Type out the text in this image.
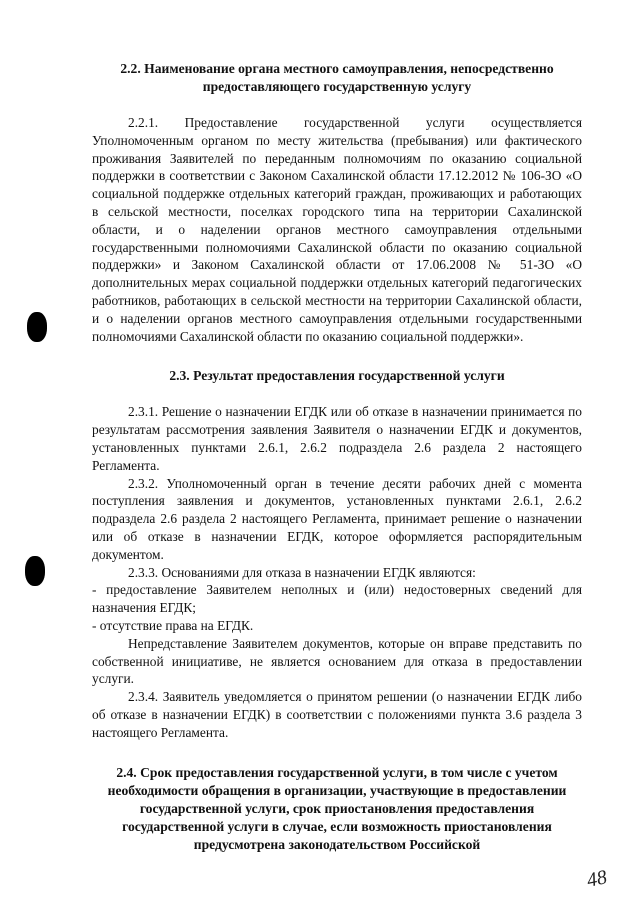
2.2. Наименование органа местного самоуправления, непосредственно предоставляющего государственную услугу

2.2.1. Предоставление государственной услуги осуществляется Уполномоченным органом по месту жительства (пребывания) или фактического проживания Заявителей по переданным полномочиям по оказанию социальной поддержки в соответствии с Законом Сахалинской области 17.12.2012 № 106-ЗО «О социальной поддержке отдельных категорий граждан, проживающих и работающих в сельской местности, поселках городского типа на территории Сахалинской области, и о наделении органов местного самоуправления отдельными государственными полномочиями Сахалинской области по оказанию социальной поддержки» и Законом Сахалинской области от 17.06.2008 № 51-ЗО «О дополнительных мерах социальной поддержки отдельных категорий педагогических работников, работающих в сельской местности на территории Сахалинской области, и о наделении органов местного самоуправления отдельными государственными полномочиями Сахалинской области по оказанию социальной поддержки».

2.3. Результат предоставления государственной услуги

2.3.1. Решение о назначении ЕГДК или об отказе в назначении принимается по результатам рассмотрения заявления Заявителя о назначении ЕГДК и документов, установленных пунктами 2.6.1, 2.6.2 подраздела 2.6 раздела 2 настоящего Регламента.

2.3.2. Уполномоченный орган в течение десяти рабочих дней с момента поступления заявления и документов, установленных пунктами 2.6.1, 2.6.2 подраздела 2.6 раздела 2 настоящего Регламента, принимает решение о назначении или об отказе в назначении ЕГДК, которое оформляется распорядительным документом.

2.3.3. Основаниями для отказа в назначении ЕГДК являются:

- предоставление Заявителем неполных и (или) недостоверных сведений для назначения ЕГДК;

- отсутствие права на ЕГДК.

Непредставление Заявителем документов, которые он вправе представить по собственной инициативе, не является основанием для отказа в предоставлении услуги.

2.3.4. Заявитель уведомляется о принятом решении (о назначении ЕГДК либо об отказе в назначении ЕГДК) в соответствии с положениями пункта 3.6 раздела 3 настоящего Регламента.

2.4. Срок предоставления государственной услуги, в том числе с учетом необходимости обращения в организации, участвующие в предоставлении государственной услуги, срок приостановления предоставления государственной услуги в случае, если возможность приостановления предусмотрена законодательством Российской
48
